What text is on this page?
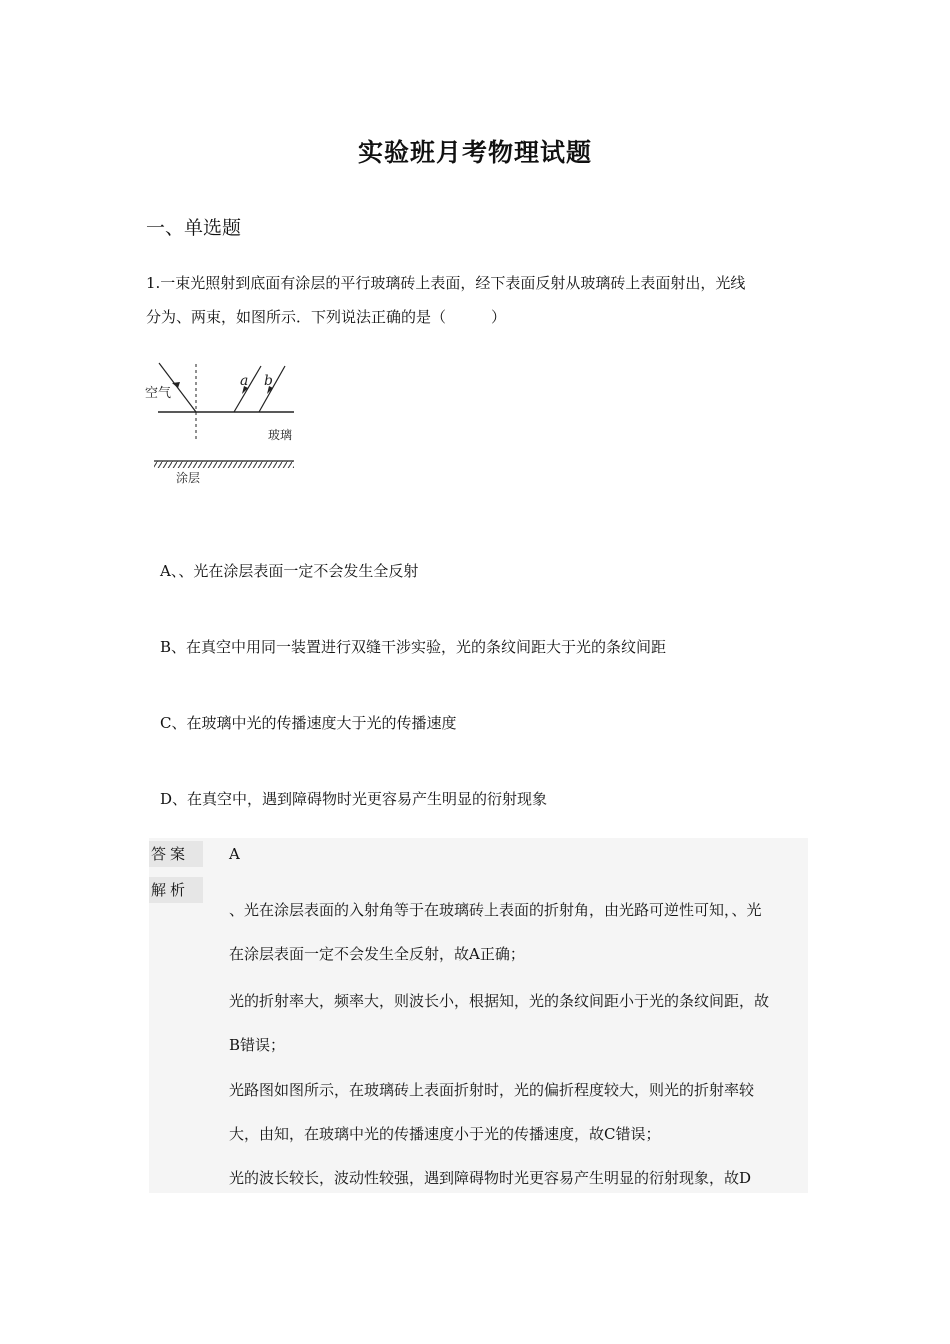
实验班月考物理试题
一、单选题
1.一束光照射到底面有涂层的平行玻璃砖上表面，经下表面反射从玻璃砖上表面射出，光线
分为、两束，如图所示．下列说法正确的是（　　　）
空气
a b
玻璃
涂层
A、、光在涂层表面一定不会发生全反射
B、在真空中用同一装置进行双缝干涉实验，光的条纹间距大于光的条纹间距
C、在玻璃中光的传播速度大于光的传播速度
D、在真空中，遇到障碍物时光更容易产生明显的衍射现象
答案	A
解析
、光在涂层表面的入射角等于在玻璃砖上表面的折射角，由光路可逆性可知，、光
在涂层表面一定不会发生全反射，故A正确；
光的折射率大，频率大，则波长小，根据知，光的条纹间距小于光的条纹间距，故
B错误；
光路图如图所示，在玻璃砖上表面折射时，光的偏折程度较大，则光的折射率较
大，由知，在玻璃中光的传播速度小于光的传播速度，故C错误；
光的波长较长，波动性较强，遇到障碍物时光更容易产生明显的衍射现象，故D
